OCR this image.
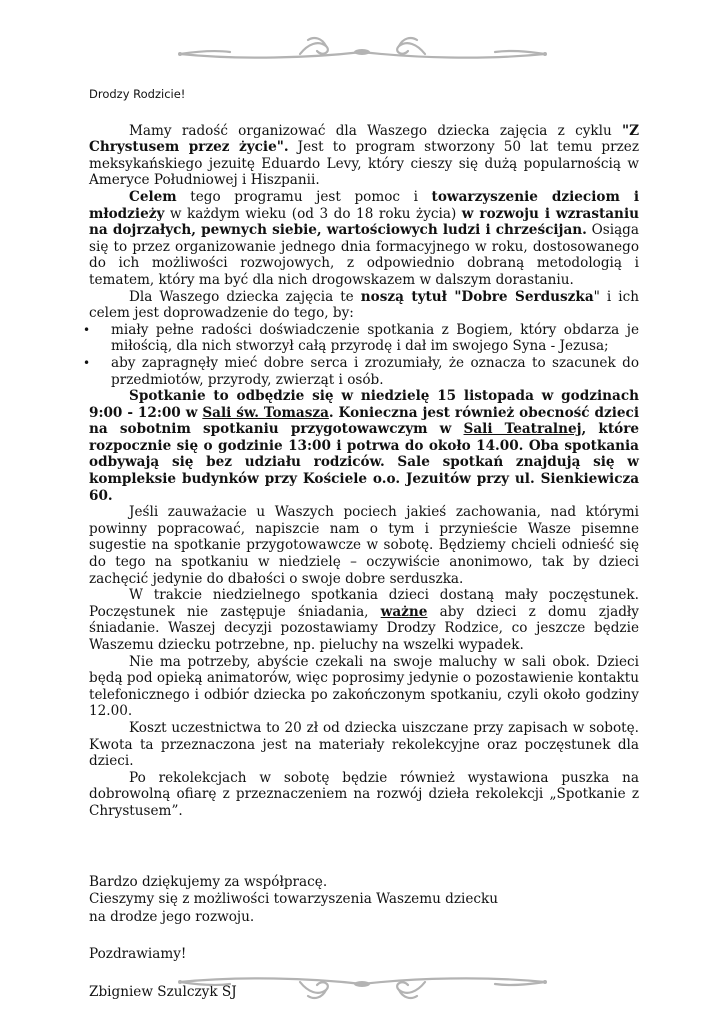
Drodzy Rodzicie!

Mamy radość organizować dla Waszego dziecka zajęcia z cyklu "Z Chrystusem przez życie". Jest to program stworzony 50 lat temu przez meksykańskiego jezuitę Eduardo Levy, który cieszy się dużą popularnością w Ameryce Południowej i Hiszpanii.

Celem tego programu jest pomoc i towarzyszenie dzieciom i młodzieży w każdym wieku (od 3 do 18 roku życia) w rozwoju i wzrastaniu na dojrzałych, pewnych siebie, wartościowych ludzi i chrześcijan. Osiąga się to przez organizowanie jednego dnia formacyjnego w roku, dostosowanego do ich możliwości rozwojowych, z odpowiednio dobraną metodologią i tematem, który ma być dla nich drogowskazem w dalszym dorastaniu.

Dla Waszego dziecka zajęcia te noszą tytuł "Dobre Serduszka" i ich celem jest doprowadzenie do tego, by:

• miały pełne radości doświadczenie spotkania z Bogiem, który obdarza je miłością, dla nich stworzył całą przyrodę i dał im swojego Syna - Jezusa;
• aby zapragnęły mieć dobre serca i zrozumiały, że oznacza to szacunek do przedmiotów, przyrody, zwierząt i osób.

Spotkanie to odbędzie się w niedzielę 15 listopada w godzinach 9:00 - 12:00 w Sali św. Tomasza. Konieczna jest również obecność dzieci na sobotnim spotkaniu przygotowawczym w Sali Teatralnej, które rozpocznie się o godzinie 13:00 i potrwa do około 14.00. Oba spotkania odbywają się bez udziału rodziców. Sale spotkań znajdują się w kompleksie budynków przy Kościele o.o. Jezuitów przy ul. Sienkiewicza 60.

Jeśli zauważacie u Waszych pociech jakieś zachowania, nad którymi powinny popracować, napiszcie nam o tym i przynieście Wasze pisemne sugestie na spotkanie przygotowawcze w sobotę. Będziemy chcieli odnieść się do tego na spotkaniu w niedzielę – oczywiście anonimowo, tak by dzieci zachęcić jedynie do dbałości o swoje dobre serduszka.

W trakcie niedzielnego spotkania dzieci dostaną mały poczęstunek. Poczęstunek nie zastępuje śniadania, ważne aby dzieci z domu zjadły śniadanie. Waszej decyzji pozostawiamy Drodzy Rodzice, co jeszcze będzie Waszemu dziecku potrzebne, np. pieluchy na wszelki wypadek.

Nie ma potrzeby, abyście czekali na swoje maluchy w sali obok. Dzieci będą pod opieką animatorów, więc poprosimy jedynie o pozostawienie kontaktu telefonicznego i odbiór dziecka po zakończonym spotkaniu, czyli około godziny 12.00.

Koszt uczestnictwa to 20 zł od dziecka uiszczane przy zapisach w sobotę. Kwota ta przeznaczona jest na materiały rekolekcyjne oraz poczęstunek dla dzieci.

Po rekolekcjach w sobotę będzie również wystawiona puszka na dobrowolną ofiarę z przeznaczeniem na rozwój dzieła rekolekcji „Spotkanie z Chrystusem”.

Bardzo dziękujemy za współpracę.
Cieszymy się z możliwości towarzyszenia Waszemu dziecku
na drodze jego rozwoju.
Pozdrawiamy!
Zbigniew Szulczyk SJ
